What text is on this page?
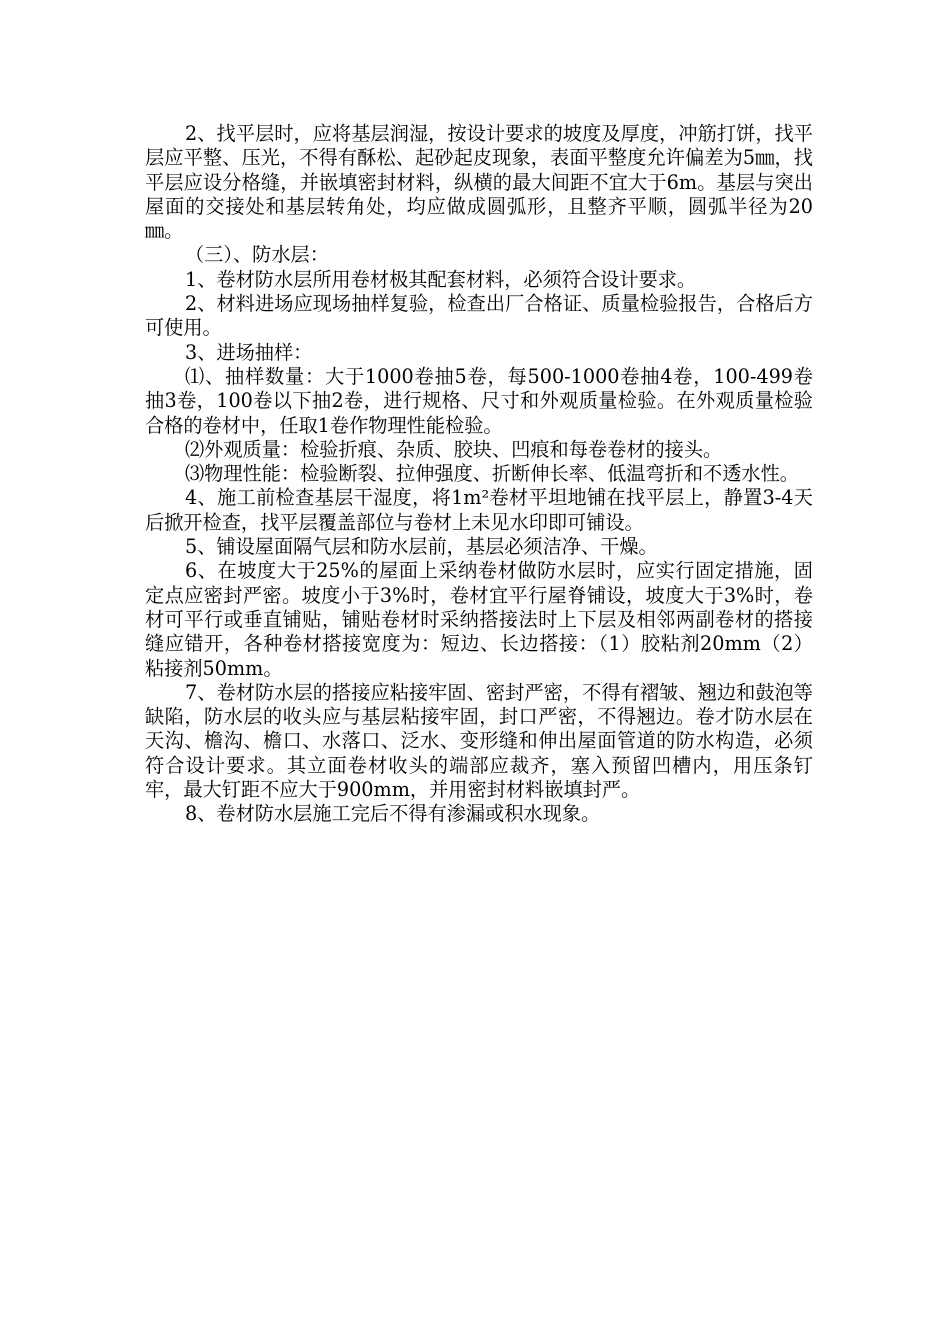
2、找平层时，应将基层润湿，按设计要求的坡度及厚度，冲筋打饼，找平层应平整、压光，不得有酥松、起砂起皮现象，表面平整度允许偏差为5㎜，找平层应设分格缝，并嵌填密封材料，纵横的最大间距不宜大于6m。基层与突出屋面的交接处和基层转角处，均应做成圆弧形，且整齐平顺，圆弧半径为20㎜。

（三）、防水层：

1、卷材防水层所用卷材极其配套材料，必须符合设计要求。

2、材料进场应现场抽样复验，检查出厂合格证、质量检验报告，合格后方可使用。

3、进场抽样：

⑴、抽样数量：大于1000卷抽5卷，每500-1000卷抽4卷，100-499卷抽3卷，100卷以下抽2卷，进行规格、尺寸和外观质量检验。在外观质量检验合格的卷材中，任取1卷作物理性能检验。

⑵外观质量：检验折痕、杂质、胶块、凹痕和每卷卷材的接头。

⑶物理性能：检验断裂、拉伸强度、折断伸长率、低温弯折和不透水性。

4、施工前检查基层干湿度，将1m²卷材平坦地铺在找平层上，静置3-4天后掀开检查，找平层覆盖部位与卷材上未见水印即可铺设。

5、铺设屋面隔气层和防水层前，基层必须洁净、干燥。

6、在坡度大于25%的屋面上采纳卷材做防水层时，应实行固定措施，固定点应密封严密。坡度小于3%时，卷材宜平行屋脊铺设，坡度大于3%时，卷材可平行或垂直铺贴，铺贴卷材时采纳搭接法时上下层及相邻两副卷材的搭接缝应错开，各种卷材搭接宽度为：短边、长边搭接：（1）胶粘剂20mm（2）粘接剂50mm。

7、卷材防水层的搭接应粘接牢固、密封严密，不得有褶皱、翘边和鼓泡等缺陷，防水层的收头应与基层粘接牢固，封口严密，不得翘边。卷才防水层在天沟、檐沟、檐口、水落口、泛水、变形缝和伸出屋面管道的防水构造，必须符合设计要求。其立面卷材收头的端部应裁齐，塞入预留凹槽内，用压条钉牢，最大钉距不应大于900mm，并用密封材料嵌填封严。

8、卷材防水层施工完后不得有渗漏或积水现象。
